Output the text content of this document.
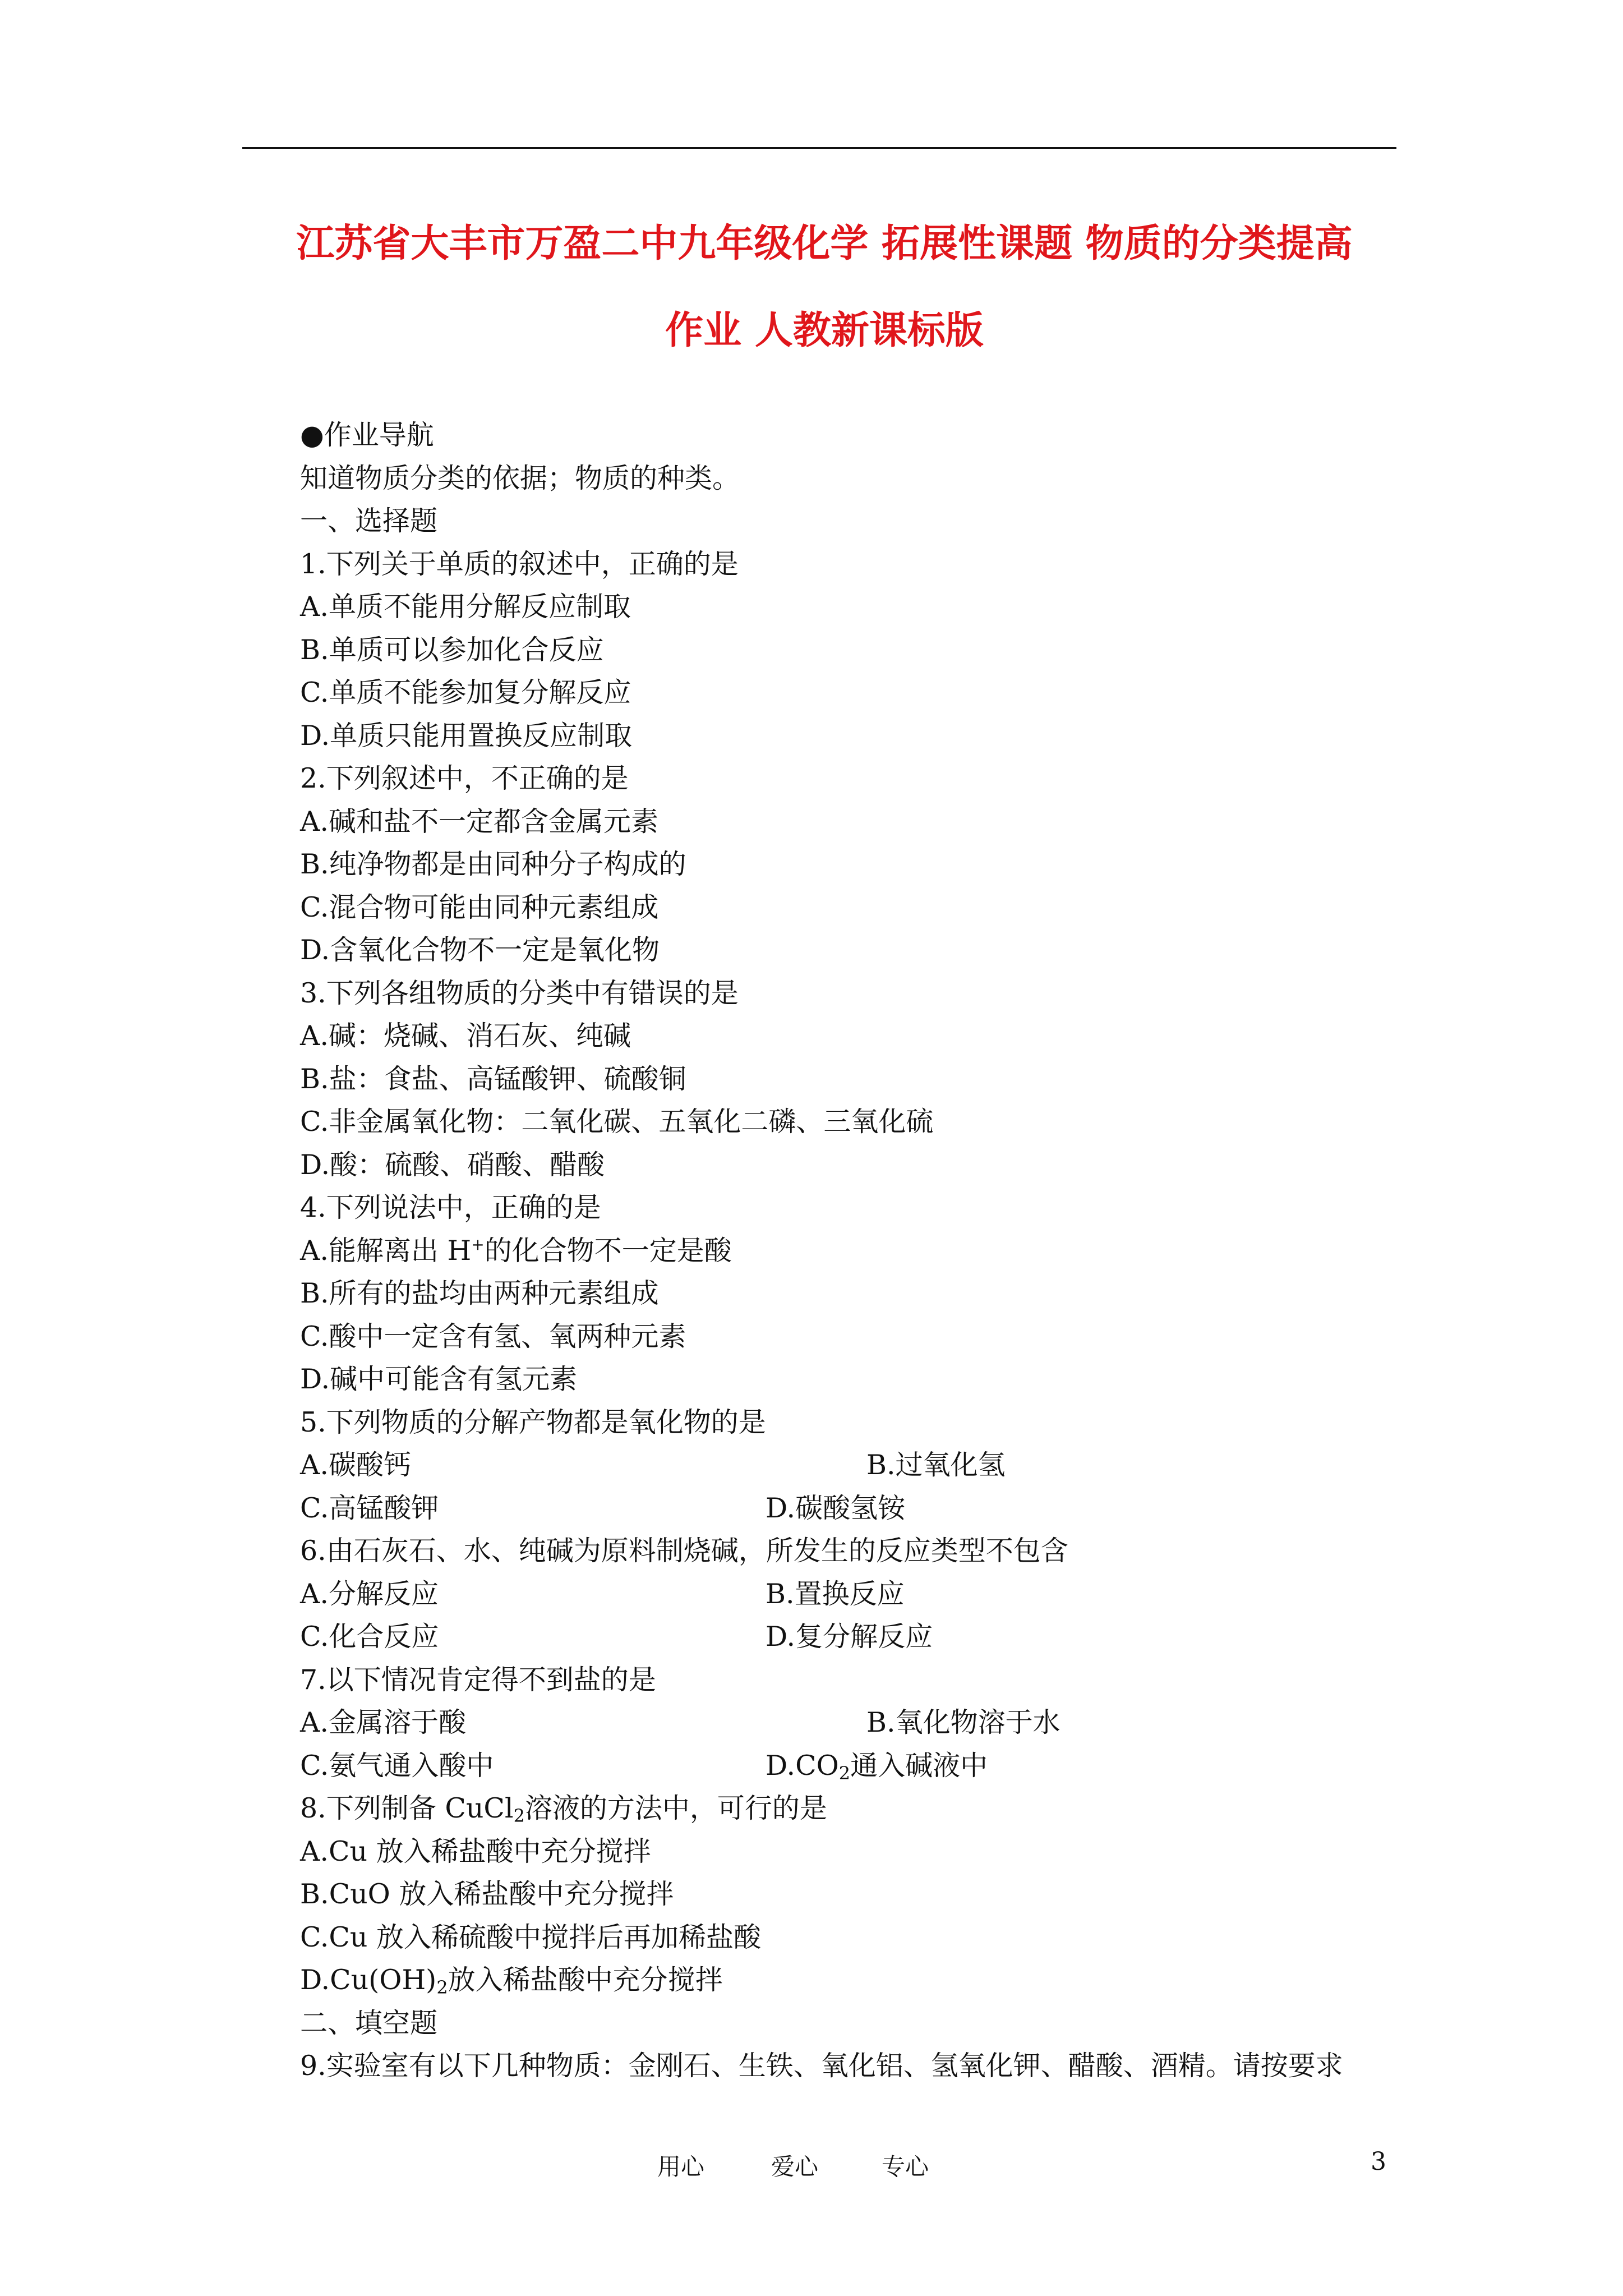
江苏省大丰市万盈二中九年级化学 拓展性课题 物质的分类提高
作业 人教新课标版
●作业导航
知道物质分类的依据；物质的种类。
一、选择题
1.下列关于单质的叙述中，正确的是
A.单质不能用分解反应制取
B.单质可以参加化合反应
C.单质不能参加复分解反应
D.单质只能用置换反应制取
2.下列叙述中，不正确的是
A.碱和盐不一定都含金属元素
B.纯净物都是由同种分子构成的
C.混合物可能由同种元素组成
D.含氧化合物不一定是氧化物
3.下列各组物质的分类中有错误的是
A.碱：烧碱、消石灰、纯碱
B.盐：食盐、高锰酸钾、硫酸铜
C.非金属氧化物：二氧化碳、五氧化二磷、三氧化硫
D.酸：硫酸、硝酸、醋酸
4.下列说法中，正确的是
A.能解离出 H+的化合物不一定是酸
B.所有的盐均由两种元素组成
C.酸中一定含有氢、氧两种元素
D.碱中可能含有氢元素
5.下列物质的分解产物都是氧化物的是
A.碳酸钙	B.过氧化氢
C.高锰酸钾	D.碳酸氢铵
6.由石灰石、水、纯碱为原料制烧碱，所发生的反应类型不包含
A.分解反应	B.置换反应
C.化合反应	D.复分解反应
7.以下情况肯定得不到盐的是
A.金属溶于酸	B.氧化物溶于水
C.氨气通入酸中	$D.CO_2$通入碱液中
8.下列制备 CuCl$_2$溶液的方法中，可行的是
A.Cu 放入稀盐酸中充分搅拌
B.CuO 放入稀盐酸中充分搅拌
C.Cu 放入稀硫酸中搅拌后再加稀盐酸
$D.Cu(OH)_2$放入稀盐酸中充分搅拌
二、填空题
9.实验室有以下几种物质：金刚石、生铁、氧化铝、氢氧化钾、醋酸、酒精。请按要求
用心	爱心	专心	3
